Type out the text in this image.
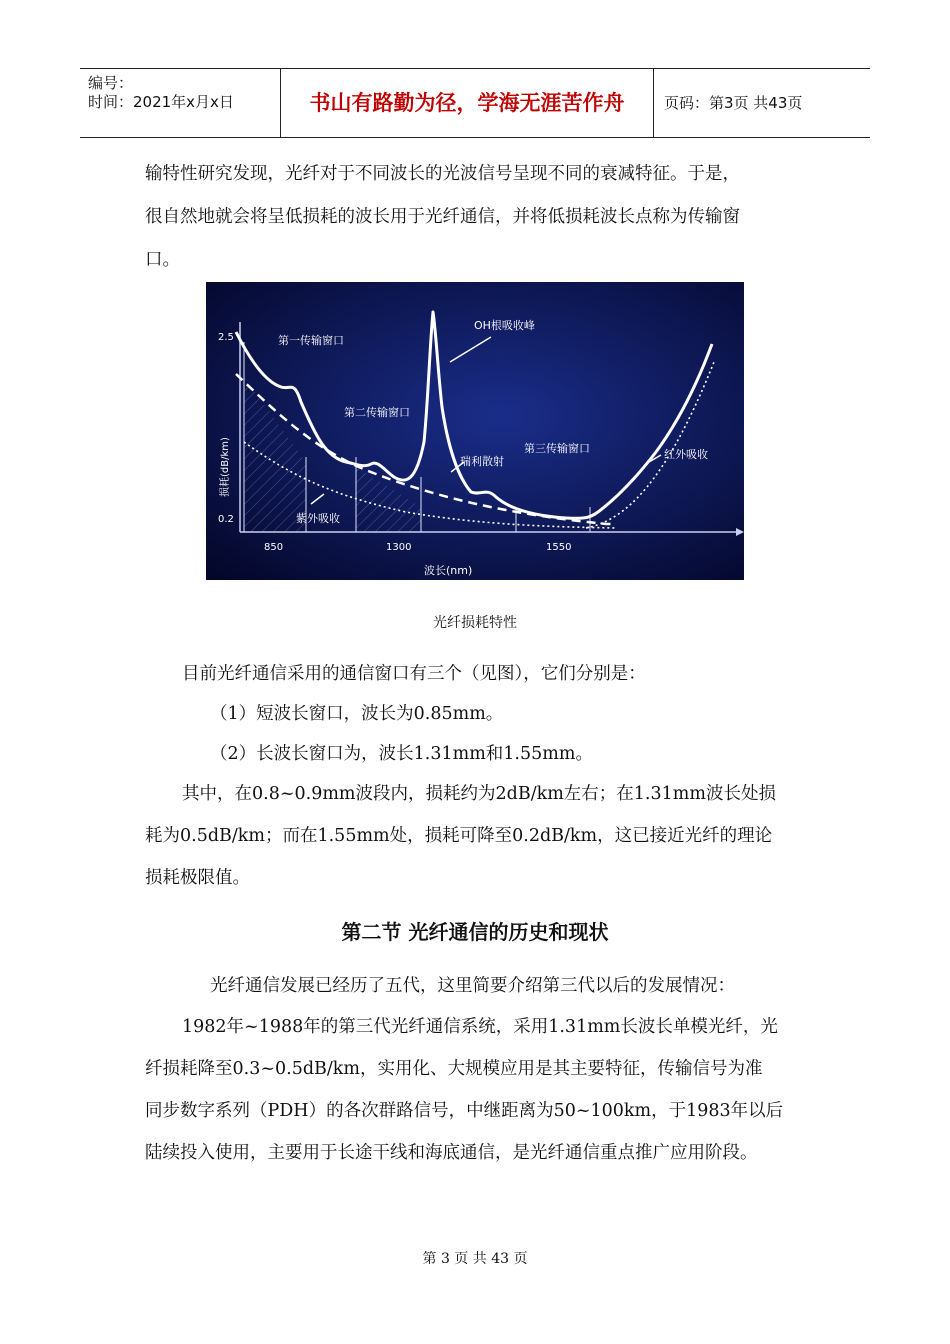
编号：
时间：2021年x月x日	书山有路勤为径，学海无涯苦作舟	页码：第3页 共43页
输特性研究发现，光纤对于不同波长的光波信号呈现不同的衰减特征。于是，
很自然地就会将呈低损耗的波长用于光纤通信，并将低损耗波长点称为传输窗
口。
第一传输窗口
第二传输窗口
第三传输窗口
OH根吸收峰
瑞利散射
红外吸收
紫外吸收
2.5
0.2
850	1300	1550
波长(nm)
损耗(dB/km)
光纤损耗特性
目前光纤通信采用的通信窗口有三个（见图），它们分别是：
（1）短波长窗口，波长为0.85mm。
（2）长波长窗口为，波长1.31mm和1.55mm。
其中，在0.8~0.9mm波段内，损耗约为2dB/km左右；在1.31mm波长处损
耗为0.5dB/km；而在1.55mm处，损耗可降至0.2dB/km，这已接近光纤的理论
损耗极限值。
第二节 光纤通信的历史和现状
光纤通信发展已经历了五代，这里简要介绍第三代以后的发展情况：
1982年~1988年的第三代光纤通信系统，采用1.31mm长波长单模光纤，光
纤损耗降至0.3~0.5dB/km，实用化、大规模应用是其主要特征，传输信号为准
同步数字系列（PDH）的各次群路信号，中继距离为50~100km，于1983年以后
陆续投入使用，主要用于长途干线和海底通信，是光纤通信重点推广应用阶段。
第 3 页 共 43 页
